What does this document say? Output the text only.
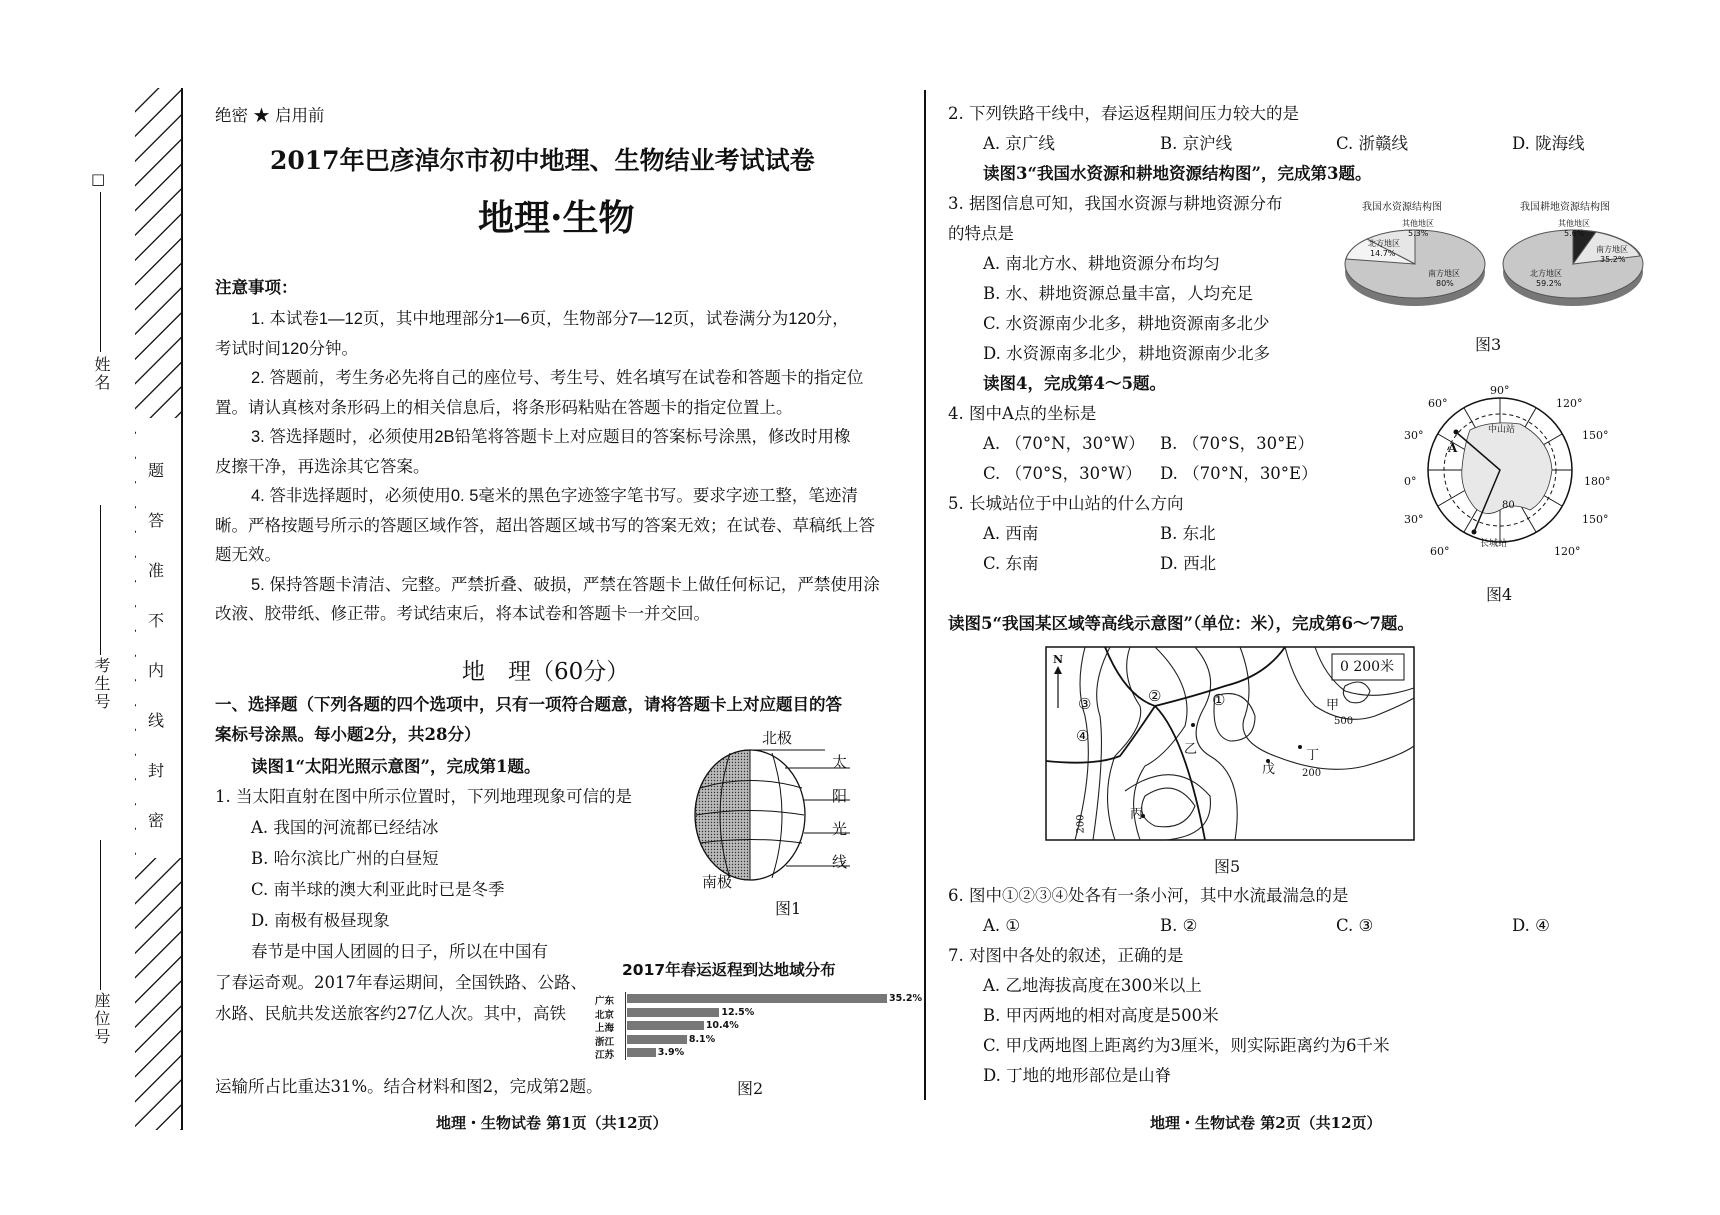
□
姓名
考生号
座位号
题
答
准
不
内
线
封
密
绝密 ★ 启用前
2017年巴彦淖尔市初中地理、生物结业考试试卷
地理·生物
注意事项：
1. 本试卷1—12页，其中地理部分1—6页，生物部分7—12页，试卷满分为120分，
考试时间120分钟。
2. 答题前，考生务必先将自己的座位号、考生号、姓名填写在试卷和答题卡的指定位
置。请认真核对条形码上的相关信息后，将条形码粘贴在答题卡的指定位置上。
3. 答选择题时，必须使用2B铅笔将答题卡上对应题目的答案标号涂黑，修改时用橡
皮擦干净，再选涂其它答案。
4. 答非选择题时，必须使用0. 5毫米的黑色字迹签字笔书写。要求字迹工整，笔迹清
晰。严格按题号所示的答题区域作答，超出答题区域书写的答案无效；在试卷、草稿纸上答
题无效。
5. 保持答题卡清洁、完整。严禁折叠、破损，严禁在答题卡上做任何标记，严禁使用涂
改液、胶带纸、修正带。考试结束后，将本试卷和答题卡一并交回。
地　理（60分）
一、选择题（下列各题的四个选项中，只有一项符合题意，请将答题卡上对应题目的答
案标号涂黑。每小题2分，共28分）
读图1“太阳光照示意图”，完成第1题。
1. 当太阳直射在图中所示位置时，下列地理现象可信的是
A. 我国的河流都已经结冰
B. 哈尔滨比广州的白昼短
C. 南半球的澳大利亚此时已是冬季
D. 南极有极昼现象
北极
南极
太
阳
光
线
图1
春节是中国人团圆的日子，所以在中国有
了春运奇观。2017年春运期间，全国铁路、公路、
水路、民航共发送旅客约27亿人次。其中，高铁
运输所占比重达31%。结合材料和图2，完成第2题。
2017年春运返程到达地域分布
广东	35.2%
北京	12.5%
上海	10.4%
浙江	8.1%
江苏	3.9%
图2
地理・生物试卷 第1页（共12页）
2. 下列铁路干线中，春运返程期间压力较大的是
A. 京广线	B. 京沪线	C. 浙赣线	D. 陇海线
读图3“我国水资源和耕地资源结构图”，完成第3题。
3. 据图信息可知，我国水资源与耕地资源分布
的特点是
A. 南北方水、耕地资源分布均匀
B. 水、耕地资源总量丰富，人均充足
C. 水资源南少北多，耕地资源南多北少
D. 水资源南多北少，耕地资源南少北多
我国水资源结构图	我国耕地资源结构图
其他地区
5.3%
北方地区
14.7%
南方地区
80%
其他地区
5.6%
南方地区
35.2%
北方地区
59.2%
图3
读图4，完成第4～5题。
4. 图中A点的坐标是
A. （70°N，30°W） B. （70°S，30°E）
C. （70°S，30°W） D. （70°N，30°E）
5. 长城站位于中山站的什么方向
A. 西南	B. 东北
C. 东南	D. 西北
90°
60°	120°
30°	150°
0°	180°
30°	150°
60°	120°
中山站
长城站
A
80
图4
读图5“我国某区域等高线示意图”（单位：米），完成第6～7题。
N	0 200米
①
②
③
④
甲
乙
丙
丁
戊
500
200
200
图5
6. 图中①②③④处各有一条小河，其中水流最湍急的是
A. ①	B. ②	C. ③	D. ④
7. 对图中各处的叙述，正确的是
A. 乙地海拔高度在300米以上
B. 甲丙两地的相对高度是500米
C. 甲戊两地图上距离约为3厘米，则实际距离约为6千米
D. 丁地的地形部位是山脊
地理・生物试卷 第2页（共12页）
